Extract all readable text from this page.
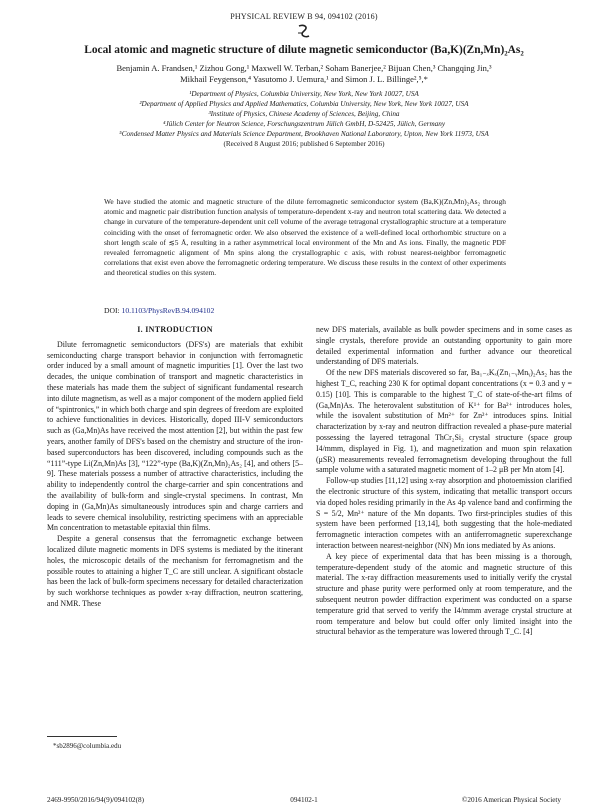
PHYSICAL REVIEW B 94, 094102 (2016)
Local atomic and magnetic structure of dilute magnetic semiconductor (Ba,K)(Zn,Mn)₂As₂
Benjamin A. Frandsen,¹ Zizhou Gong,¹ Maxwell W. Terban,² Soham Banerjee,² Bijuan Chen,³ Changqing Jin,³
Mikhail Feygenson,⁴ Yasutomo J. Uemura,¹ and Simon J. L. Billinge²,⁵,*
¹Department of Physics, Columbia University, New York, New York 10027, USA
²Department of Applied Physics and Applied Mathematics, Columbia University, New York, New York 10027, USA
³Institute of Physics, Chinese Academy of Sciences, Beijing, China
⁴Jülich Center for Neutron Science, Forschungszentrum Jülich GmbH, D-52425, Jülich, Germany
⁵Condensed Matter Physics and Materials Science Department, Brookhaven National Laboratory, Upton, New York 11973, USA
(Received 8 August 2016; published 6 September 2016)
We have studied the atomic and magnetic structure of the dilute ferromagnetic semiconductor system (Ba,K)(Zn,Mn)₂As₂ through atomic and magnetic pair distribution function analysis of temperature-dependent x-ray and neutron total scattering data. We detected a change in curvature of the temperature-dependent unit cell volume of the average tetragonal crystallographic structure at a temperature coinciding with the onset of ferromagnetic order. We also observed the existence of a well-defined local orthorhombic structure on a short length scale of ≲5 Å, resulting in a rather asymmetrical local environment of the Mn and As ions. Finally, the magnetic PDF revealed ferromagnetic alignment of Mn spins along the crystallographic c axis, with robust nearest-neighbor ferromagnetic correlations that exist even above the ferromagnetic ordering temperature. We discuss these results in the context of other experiments and theoretical studies on this system.
DOI: 10.1103/PhysRevB.94.094102
I. INTRODUCTION

Dilute ferromagnetic semiconductors (DFS's) are materials that exhibit semiconducting charge transport behavior in conjunction with ferromagnetic order induced by a small amount of magnetic impurities [1]. Over the last two decades, the unique combination of transport and magnetic characteristics in these materials has made them the subject of significant fundamental research into dilute magnetism, as well as a major component of the modern applied field of “spintronics,” in which both charge and spin degrees of freedom are exploited to achieve functionalities in devices. Historically, doped III-V semiconductors such as (Ga,Mn)As have received the most attention [2], but within the past few years, another family of DFS's based on the chemistry and structure of the iron-based superconductors has been discovered, including compounds such as the “111”-type Li(Zn,Mn)As [3], “122”-type (Ba,K)(Zn,Mn)₂As₂ [4], and others [5–9]. These materials possess a number of attractive characteristics, including the ability to independently control the charge-carrier and spin concentrations and the availability of bulk-form and single-crystal specimens. In contrast, Mn doping in (Ga,Mn)As simultaneously introduces spin and charge carriers and leads to severe chemical insolubility, restricting specimens with an appreciable Mn concentration to metastable epitaxial thin films.

Despite a general consensus that the ferromagnetic exchange between localized dilute magnetic moments in DFS systems is mediated by the itinerant holes, the microscopic details of the mechanism for ferromagnetism and the possible routes to attaining a higher T_C are still unclear. A significant obstacle has been the lack of bulk-form specimens necessary for detailed characterization by such workhorse techniques as powder x-ray diffraction, neutron scattering, and NMR. These

new DFS materials, available as bulk powder specimens and in some cases as single crystals, therefore provide an outstanding opportunity to gain more detailed experimental information and further advance our theoretical understanding of DFS materials.

Of the new DFS materials discovered so far, Ba₁₋ₓKₓ(Zn₁₋ᵧMnᵧ)₂As₂ has the highest T_C, reaching 230 K for optimal dopant concentrations (x = 0.3 and y = 0.15) [10]. This is comparable to the highest T_C of state-of-the-art films of (Ga,Mn)As. The heterovalent substitution of K¹⁺ for Ba²⁺ introduces holes, while the isovalent substitution of Mn²⁺ for Zn²⁺ introduces spins. Initial characterization by x-ray and neutron diffraction revealed a phase-pure material possessing the layered tetragonal ThCr₂Si₂ crystal structure (space group I4/mmm, displayed in Fig. 1), and magnetization and muon spin relaxation (μSR) measurements revealed ferromagnetism developing throughout the full sample volume with a saturated magnetic moment of 1–2 μB per Mn atom [4].

Follow-up studies [11,12] using x-ray absorption and photoemission clarified the electronic structure of this system, indicating that metallic transport occurs via doped holes residing primarily in the As 4p valence band and confirming the S = 5/2, Mn²⁺ nature of the Mn dopants. Two first-principles studies of this system have been performed [13,14], both suggesting that the hole-mediated ferromagnetic interaction competes with an antiferromagnetic superexchange interaction between nearest-neighbor (NN) Mn ions mediated by As anions.

A key piece of experimental data that has been missing is a thorough, temperature-dependent study of the atomic and magnetic structure of this material. The x-ray diffraction measurements used to initially verify the crystal structure and phase purity were performed only at room temperature, and the subsequent neutron powder diffraction experiment was conducted on a sparse temperature grid that served to verify the I4/mmm average crystal structure at room temperature and below but could offer only limited insight into the structural behavior as the temperature was lowered through T_C. [4]

*sb2896@columbia.edu
2469-9950/2016/94(9)/094102(8)	094102-1	©2016 American Physical Society
